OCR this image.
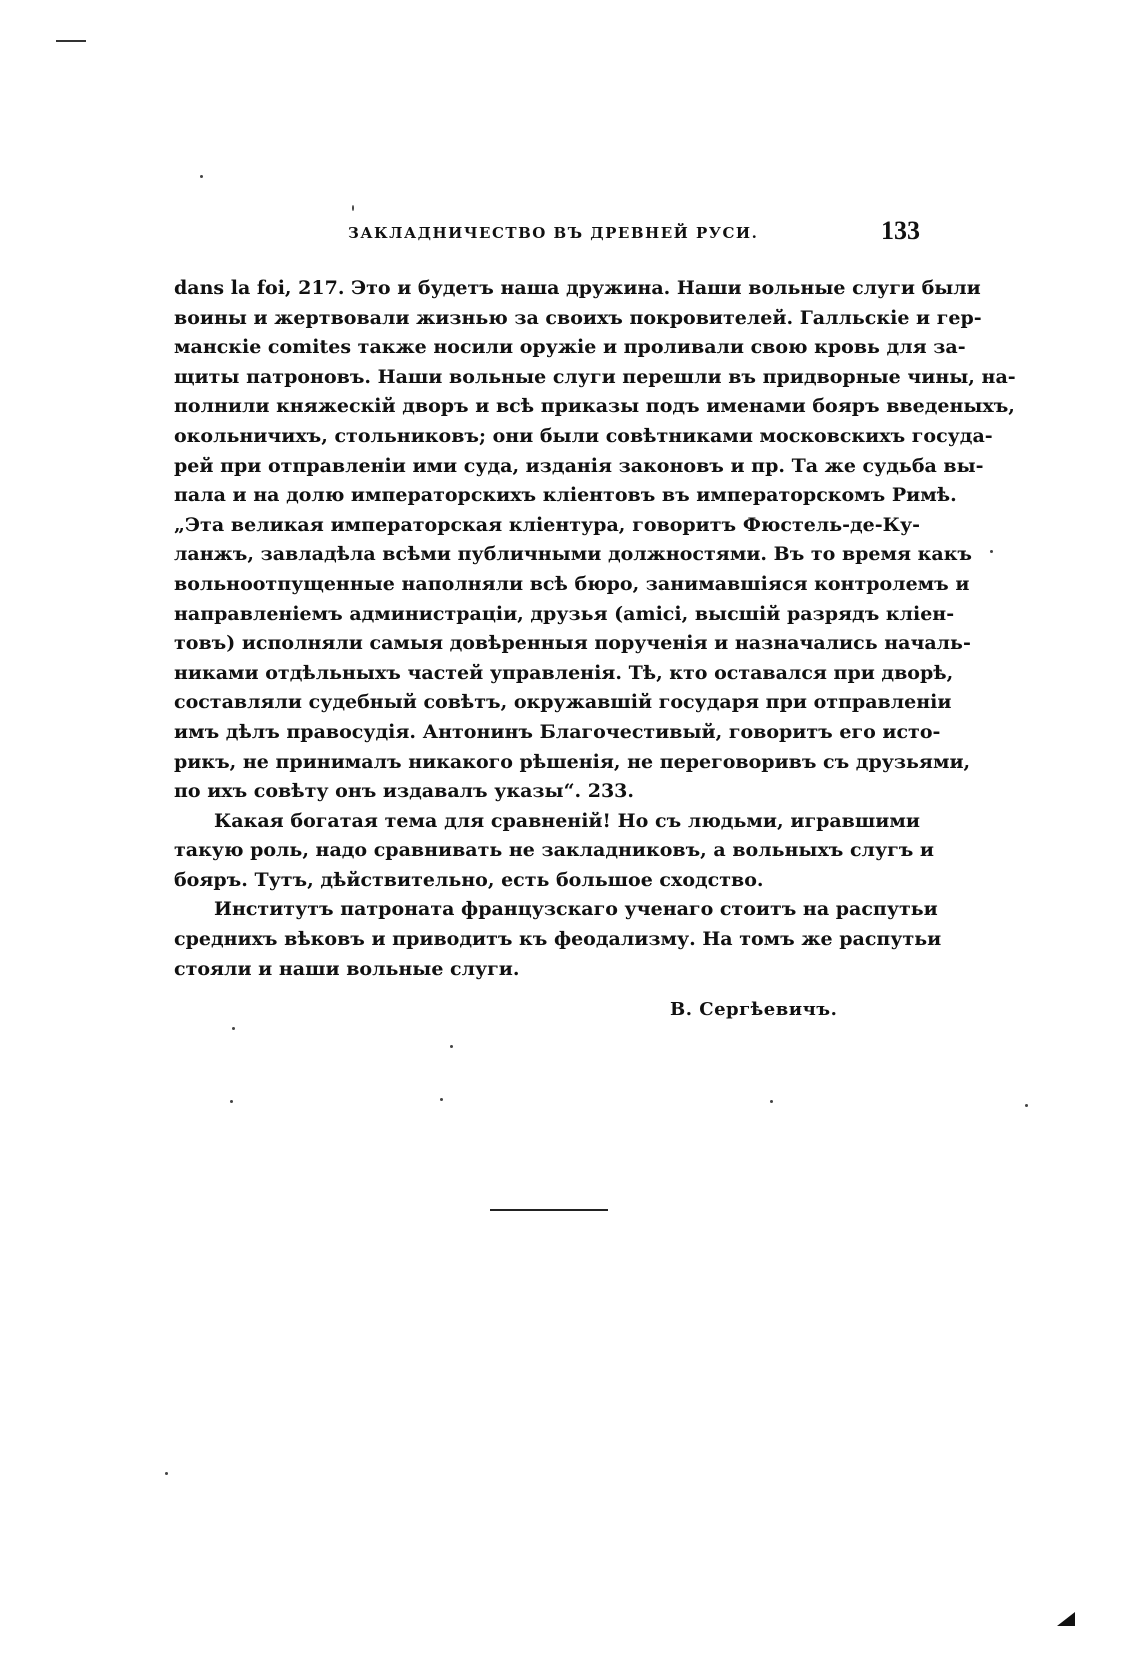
ЗАКЛАДНИЧЕСТВО ВЪ ДРЕВНЕЙ РУСИ.	133
dans la foi, 217. Это и будетъ наша дружина. Наши вольные слуги были
воины и жертвовали жизнью за своихъ покровителей. Галльскіе и гер-
манскіе comites также носили оружіе и проливали свою кровь для за-
щиты патроновъ. Наши вольные слуги перешли въ придворные чины, на-
полнили княжескій дворъ и всѣ приказы подъ именами бояръ введеныхъ,
окольничихъ, стольниковъ; они были совѣтниками московскихъ госуда-
рей при отправленіи ими суда, изданія законовъ и пр. Та же судьба вы-
пала и на долю императорскихъ кліентовъ въ императорскомъ Римѣ.
„Эта великая императорская кліентура, говоритъ Фюстель-де-Ку-
ланжъ, завладѣла всѣми публичными должностями. Въ то время какъ
вольноотпущенные наполняли всѣ бюро, занимавшіяся контролемъ и
направленіемъ администраціи, друзья (amici, высшій разрядъ кліен-
товъ) исполняли самыя довѣренныя порученія и назначались началь-
никами отдѣльныхъ частей управленія. Тѣ, кто оставался при дворѣ,
составляли судебный совѣтъ, окружавшій государя при отправленіи
имъ дѣлъ правосудія. Антонинъ Благочестивый, говоритъ его исто-
рикъ, не принималъ никакого рѣшенія, не переговоривъ съ друзьями,
по ихъ совѣту онъ издавалъ указы“. 233.
Какая богатая тема для сравненій! Но съ людьми, игравшими
такую роль, надо сравнивать не закладниковъ, а вольныхъ слугъ и
бояръ. Тутъ, дѣйствительно, есть большое сходство.
Институтъ патроната французскаго ученаго стоитъ на распутьи
среднихъ вѣковъ и приводитъ къ феодализму. На томъ же распутьи
стояли и наши вольные слуги.
В. Сергѣевичъ.
